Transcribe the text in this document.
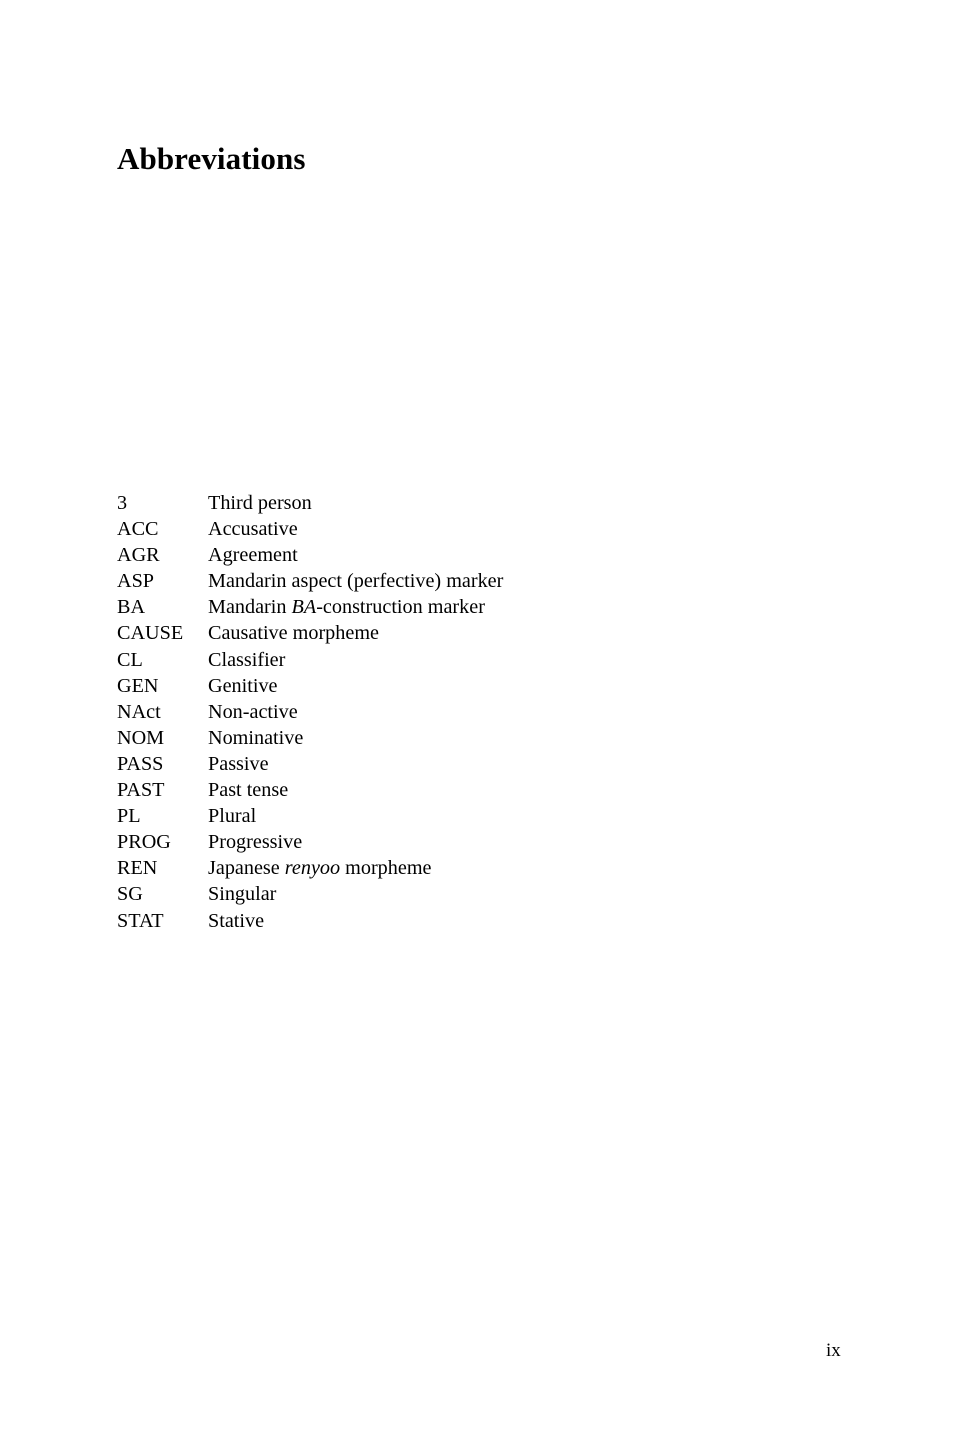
Abbreviations
3	Third person
ACC	Accusative
AGR	Agreement
ASP	Mandarin aspect (perfective) marker
BA	Mandarin BA-construction marker
CAUSE	Causative morpheme
CL	Classifier
GEN	Genitive
NAct	Non-active
NOM	Nominative
PASS	Passive
PAST	Past tense
PL	Plural
PROG	Progressive
REN	Japanese renyoo morpheme
SG	Singular
STAT	Stative
ix
